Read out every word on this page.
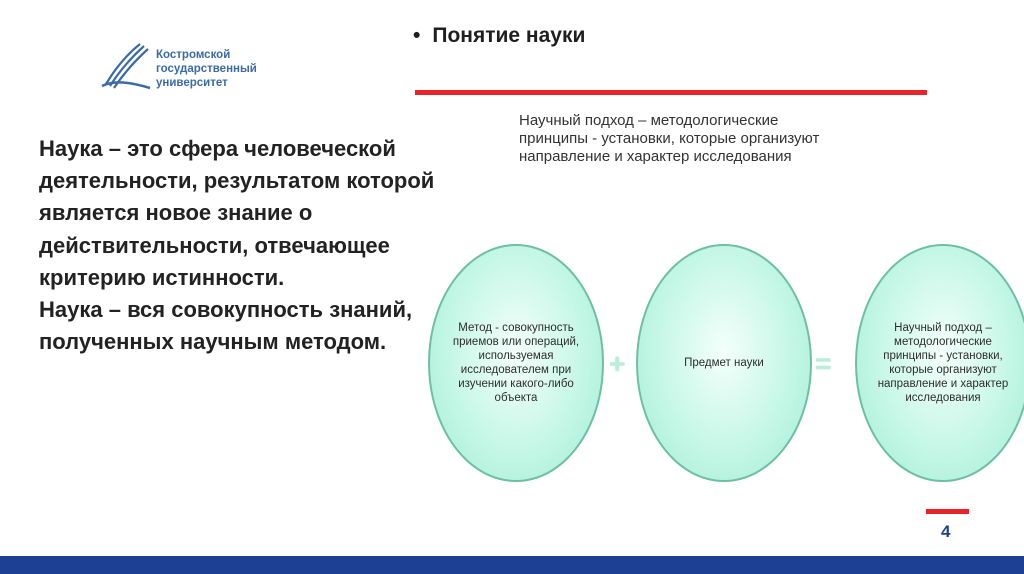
Костромской
государственный
университет
• Понятие науки
Научный подход – методологические принципы - установки, которые организуют направление и характер исследования

Наука – это сфера человеческой деятельности, результатом которой является новое знание о действительности, отвечающее критерию истинности.

Наука – вся совокупность знаний, полученных научным методом.

Метод - совокупность приемов или операций, используемая исследователем при изучении какого-либо объекта
+	Предмет науки =
Научный подход – методологические принципы - установки, которые организуют направление и характер исследования
4
